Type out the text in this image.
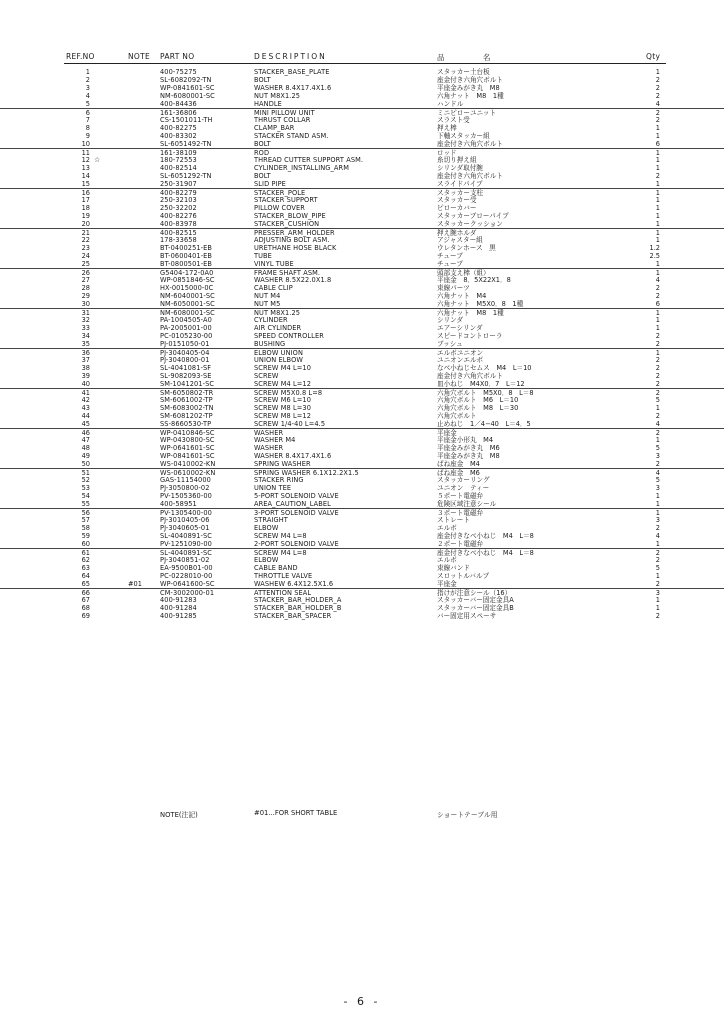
REF.NO	NOTE PART NO	DESCRIPTION	品 名	Qty
1	400-75275	STACKER_BASE_PLATE	スタッカー土台板	1
2	SL-6082092-TN	BOLT	座金付き六角穴ボルト	2
3	WP-0841601-SC	WASHER 8.4X17.4X1.6	平座金みがき丸　M8	2
4	NM-6080001-SC	NUT M8X1.25	六角ナット　M8　1種	2
5	400-84436	HANDLE	ハンドル	4
6	161-36806	MINI PILLOW UNIT	ミニピローユニット	2
7	CS-1501011-TH	THRUST COLLAR	スラスト受	2
8	400-82275	CLAMP_BAR	押え棒	1
9	400-83302	STACKER STAND ASM.	下軸スタッカー組	1
10	SL-6051492-TN	BOLT	座金付き六角穴ボルト	6
11	161-38109	ROD	ロッド	1
12 ☆	180-72553	THREAD CUTTER SUPPORT ASM.	糸切り押え組	1
13	400-82514	CYLINDER_INSTALLING_ARM	シリンダ取付腕	1
14	SL-6051292-TN	BOLT	座金付き六角穴ボルト	2
15	250-31907	SLID PIPE	スライドパイプ	1
16	400-82279	STACKER_POLE	スタッカー支柱	1
17	250-32103	STACKER SUPPORT	スタッカー受	1
18	250-32202	PILLOW COVER	ピローカバー	1
19	400-82276	STACKER_BLOW_PIPE	スタッカーブローパイプ	1
20	400-83978	STACKER_CUSHION	スタッカークッション	1
21	400-82515	PRESSER_ARM_HOLDER	押え腕ホルダ	1
22	178-33658	ADJUSTING BOLT ASM.	アジャスター組	1
23	BT-0400251-EB	URETHANE HOSE BLACK	ウレタンホース　黒	1.2
24	BT-0600401-EB	TUBE	チューブ	2.5
25	BT-0800501-EB	VINYL TUBE	チューブ	1
26	G5404-172-0A0	FRAME SHAFT ASM.	頭部支え棒（組）	1
27	WP-0851846-SC	WASHER 8.5X22.0X1.8	平座金　8．5X22X1．8	4
28	HX-0015000-0C	CABLE CLIP	束線パーツ	2
29	NM-6040001-SC	NUT M4	六角ナット　M4	2
30	NM-6050001-SC	NUT M5	六角ナット　M5X0．8　1種	6
31	NM-6080001-SC	NUT M8X1.25	六角ナット　M8　1種	1
32	PA-1004505-A0	CYLINDER	シリンダ	1
33	PA-2005001-00	AIR CYLINDER	エアーシリンダ	1
34	PC-0105230-00	SPEED CONTROLLER	スピードコントローラ	2
35	PJ-0151050-01	BUSHING	ブッシュ	2
36	PJ-3040405-04	ELBOW UNION	エルボユニオン	1
37	PJ-3040800-01	UNION ELBOW	ユニオンエルボ	2
38	SL-4041081-SF	SCREW M4 L=10	なべ小ねじセムス　M4　L＝10	2
39	SL-9082093-SE	SCREW	座金付き六角穴ボルト	2
40	SM-1041201-SC	SCREW M4 L=12	皿小ねじ　M4X0．7　L＝12	2
41	SM-6050802-TR	SCREW M5X0.8 L=8	六角穴ボルト　M5X0．8　L＝8	2
42	SM-6061002-TP	SCREW M6 L=10	六角穴ボルト　M6　L＝10	5
43	SM-6083002-TN	SCREW M8 L=30	六角穴ボルト　M8　L＝30	1
44	SM-6081202-TP	SCREW M8 L=12	六角穴ボルト	2
45	SS-8660530-TP	SCREW 1/4-40 L=4.5	止めねじ　1／4−40　L＝4．5	4
46	WP-0410846-SC	WASHER	平座金	2
47	WP-0430800-SC	WASHER M4	平座金小形丸　M4	1
48	WP-0641601-SC	WASHER	平座金みがき丸　M6	5
49	WP-0841601-SC	WASHER 8.4X17.4X1.6	平座金みがき丸　M8	3
50	WS-0410002-KN	SPRING WASHER	ばね座金　M4	2
51	WS-0610002-KN	SPRING WASHER 6.1X12.2X1.5	ばね座金　M6	4
52	GAS-11154000	STACKER RING	スタッカーリング	5
53	PJ-3050800-02	UNION TEE	ユニオン　ティー	3
54	PV-1505360-00	5-PORT SOLENOID VALVE	５ポート電磁弁	1
55	400-58951	AREA_CAUTION_LABEL	危険区域注意シール	1
56	PV-1305400-00	3-PORT SOLENOID VALVE	３ポート電磁弁	1
57	PJ-3010405-06	STRAIGHT	ストレート	3
58	PJ-3040605-01	ELBOW	エルボ	2
59	SL-4040891-SC	SCREW M4 L=8	座金付きなべ小ねじ　M4　L＝8	4
60	PV-1251090-00	2-PORT SOLENOID VALVE	２ポート電磁弁	1
61	SL-4040891-SC	SCREW M4 L=8	座金付きなべ小ねじ　M4　L＝8	2
62	PJ-3040851-02	ELBOW	エルボ	2
63	EA-9500B01-00	CABLE BAND	束線バンド	5
64	PC-0228010-00	THROTTLE VALVE	スロットルバルブ	1
65	#01	WP-0641600-SC	WASHEW 6.4X12.5X1.6	平座金	2
66	CM-3002000-01	ATTENTION SEAL	指けが注意シール（16）	3
67	400-91283	STACKER_BAR_HOLDER_A	スタッカーバー固定金具A	1
68	400-91284	STACKER_BAR_HOLDER_B	スタッカーバー固定金具B	1
69	400-91285	STACKER_BAR_SPACER	バー固定用スペーサ	2
NOTE(注記)	#01...FOR SHORT TABLE	ショートテーブル用
- 6 -
